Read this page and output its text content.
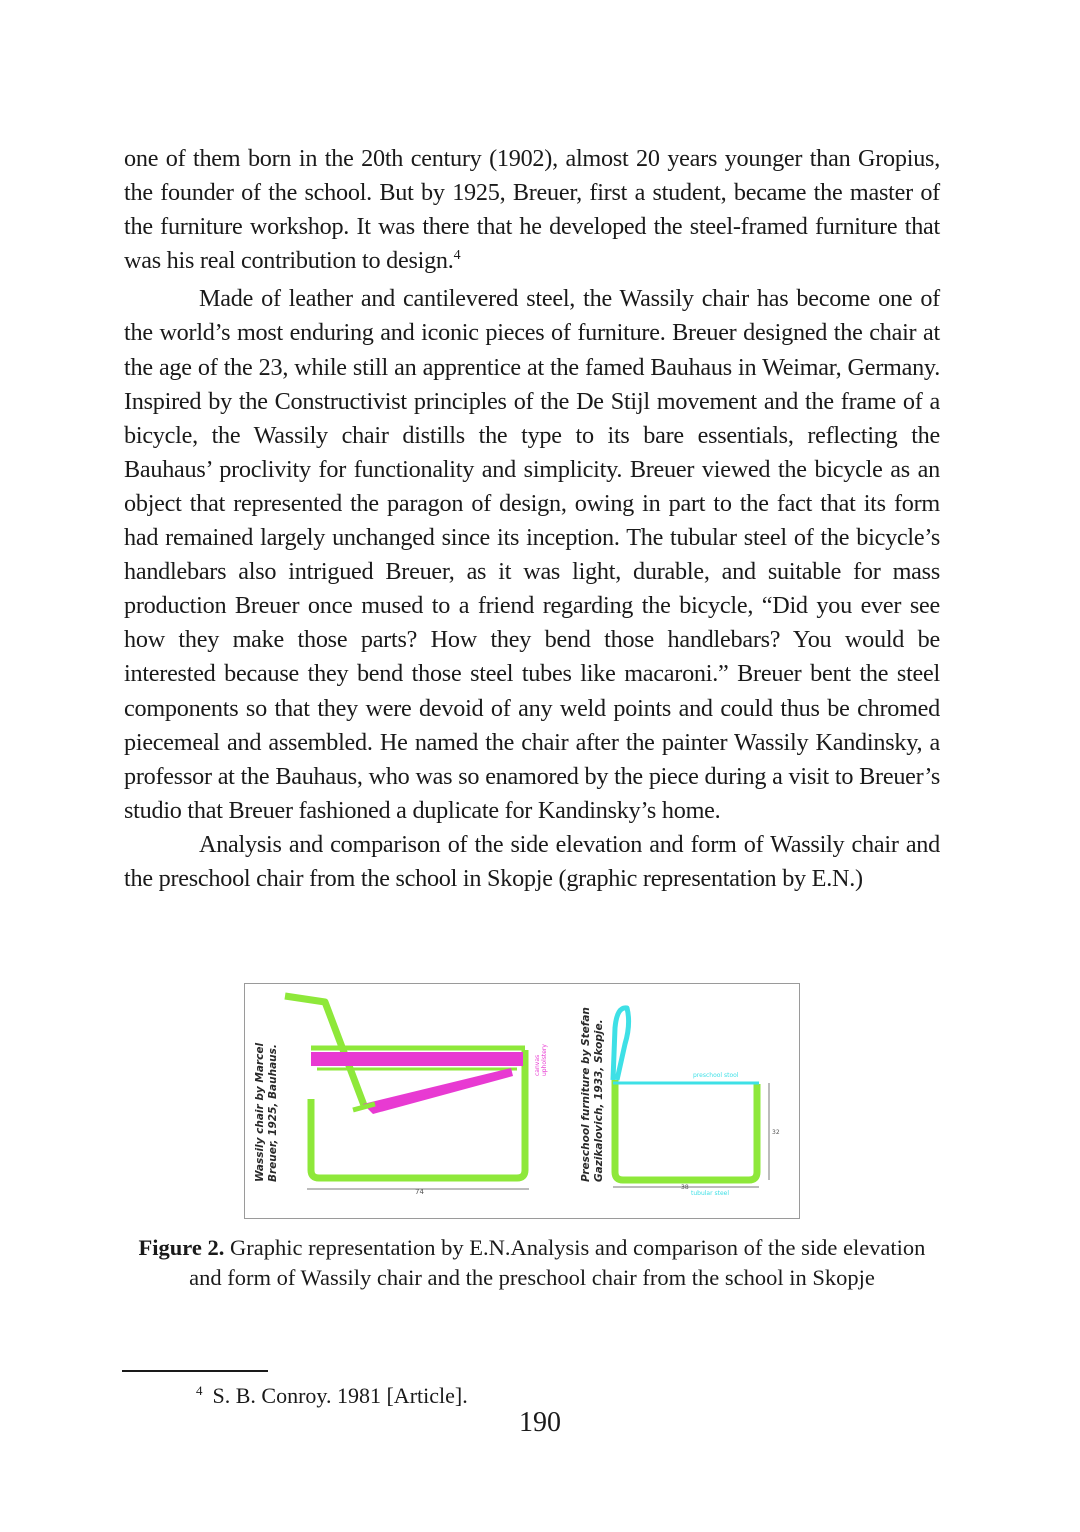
one of them born in the 20th century (1902), almost 20 years younger than Gropius, the founder of the school. But by 1925, Breuer, first a student, became the master of the furniture workshop. It was there that he developed the steel-framed furniture that was his real contribution to design.$^4$

Made of leather and cantilevered steel, the Wassily chair has become one of the world’s most enduring and iconic pieces of furniture. Breuer designed the chair at the age of the 23, while still an apprentice at the famed Bauhaus in Weimar, Germany. Inspired by the Constructivist principles of the De Stijl movement and the frame of a bicycle, the Wassily chair distills the type to its bare essentials, reflecting the Bauhaus’ proclivity for functionality and simplicity. Breuer viewed the bicycle as an object that represented the paragon of design, owing in part to the fact that its form had remained largely unchanged since its inception. The tubular steel of the bicycle’s handlebars also intrigued Breuer, as it was light, durable, and suitable for mass production Breuer once mused to a friend regarding the bicycle, “Did you ever see how they make those parts? How they bend those handlebars? You would be interested because they bend those steel tubes like macaroni.” Breuer bent the steel components so that they were devoid of any weld points and could thus be chromed piecemeal and assembled. He named the chair after the painter Wassily Kandinsky, a professor at the Bauhaus, who was so enamored by the piece during a visit to Breuer’s studio that Breuer fashioned a duplicate for Kandinsky’s home.

Analysis and comparison of the side elevation and form of Wassily chair and the preschool chair from the school in Skopje (graphic representation by E.N.)

74
Wassily chair by Marcel Breuer, 1925, Bauhaus.	canvas upholstery	Preschool furniture by Stefan Gazikalovich, 1933, Skopje.	preschool stool
32
38
tubular steel
Figure 2. Graphic representation by E.N.Analysis and comparison of the side elevation and form of Wassily chair and the preschool chair from the school in Skopje
$^4$ S. B. Conroy. 1981 [Article].
190
